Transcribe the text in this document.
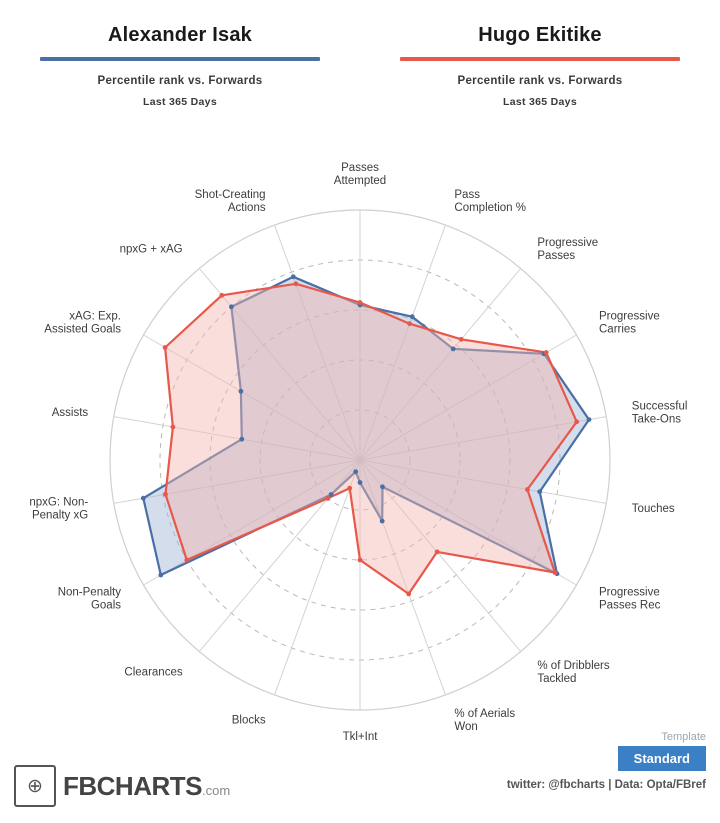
Alexander Isak
Percentile rank vs. Forwards
Last 365 Days
Hugo Ekitike
Percentile rank vs. Forwards
Last 365 Days
Passes Attempted
Pass Completion %
Progressive Passes
Progressive Carries
Successful Take-Ons
Touches
Progressive Passes Rec
% of Dribblers Tackled
% of Aerials Won
Tkl+Int
Blocks
Clearances
Non-Penalty Goals
npxG: Non-Penalty xG
Assists
xAG: Exp. Assisted Goals
npxG + xAG
Shot-Creating Actions
⊕ FBCHARTS.com	twitter: @fbcharts | Data: Opta/FBref
Template
Standard
